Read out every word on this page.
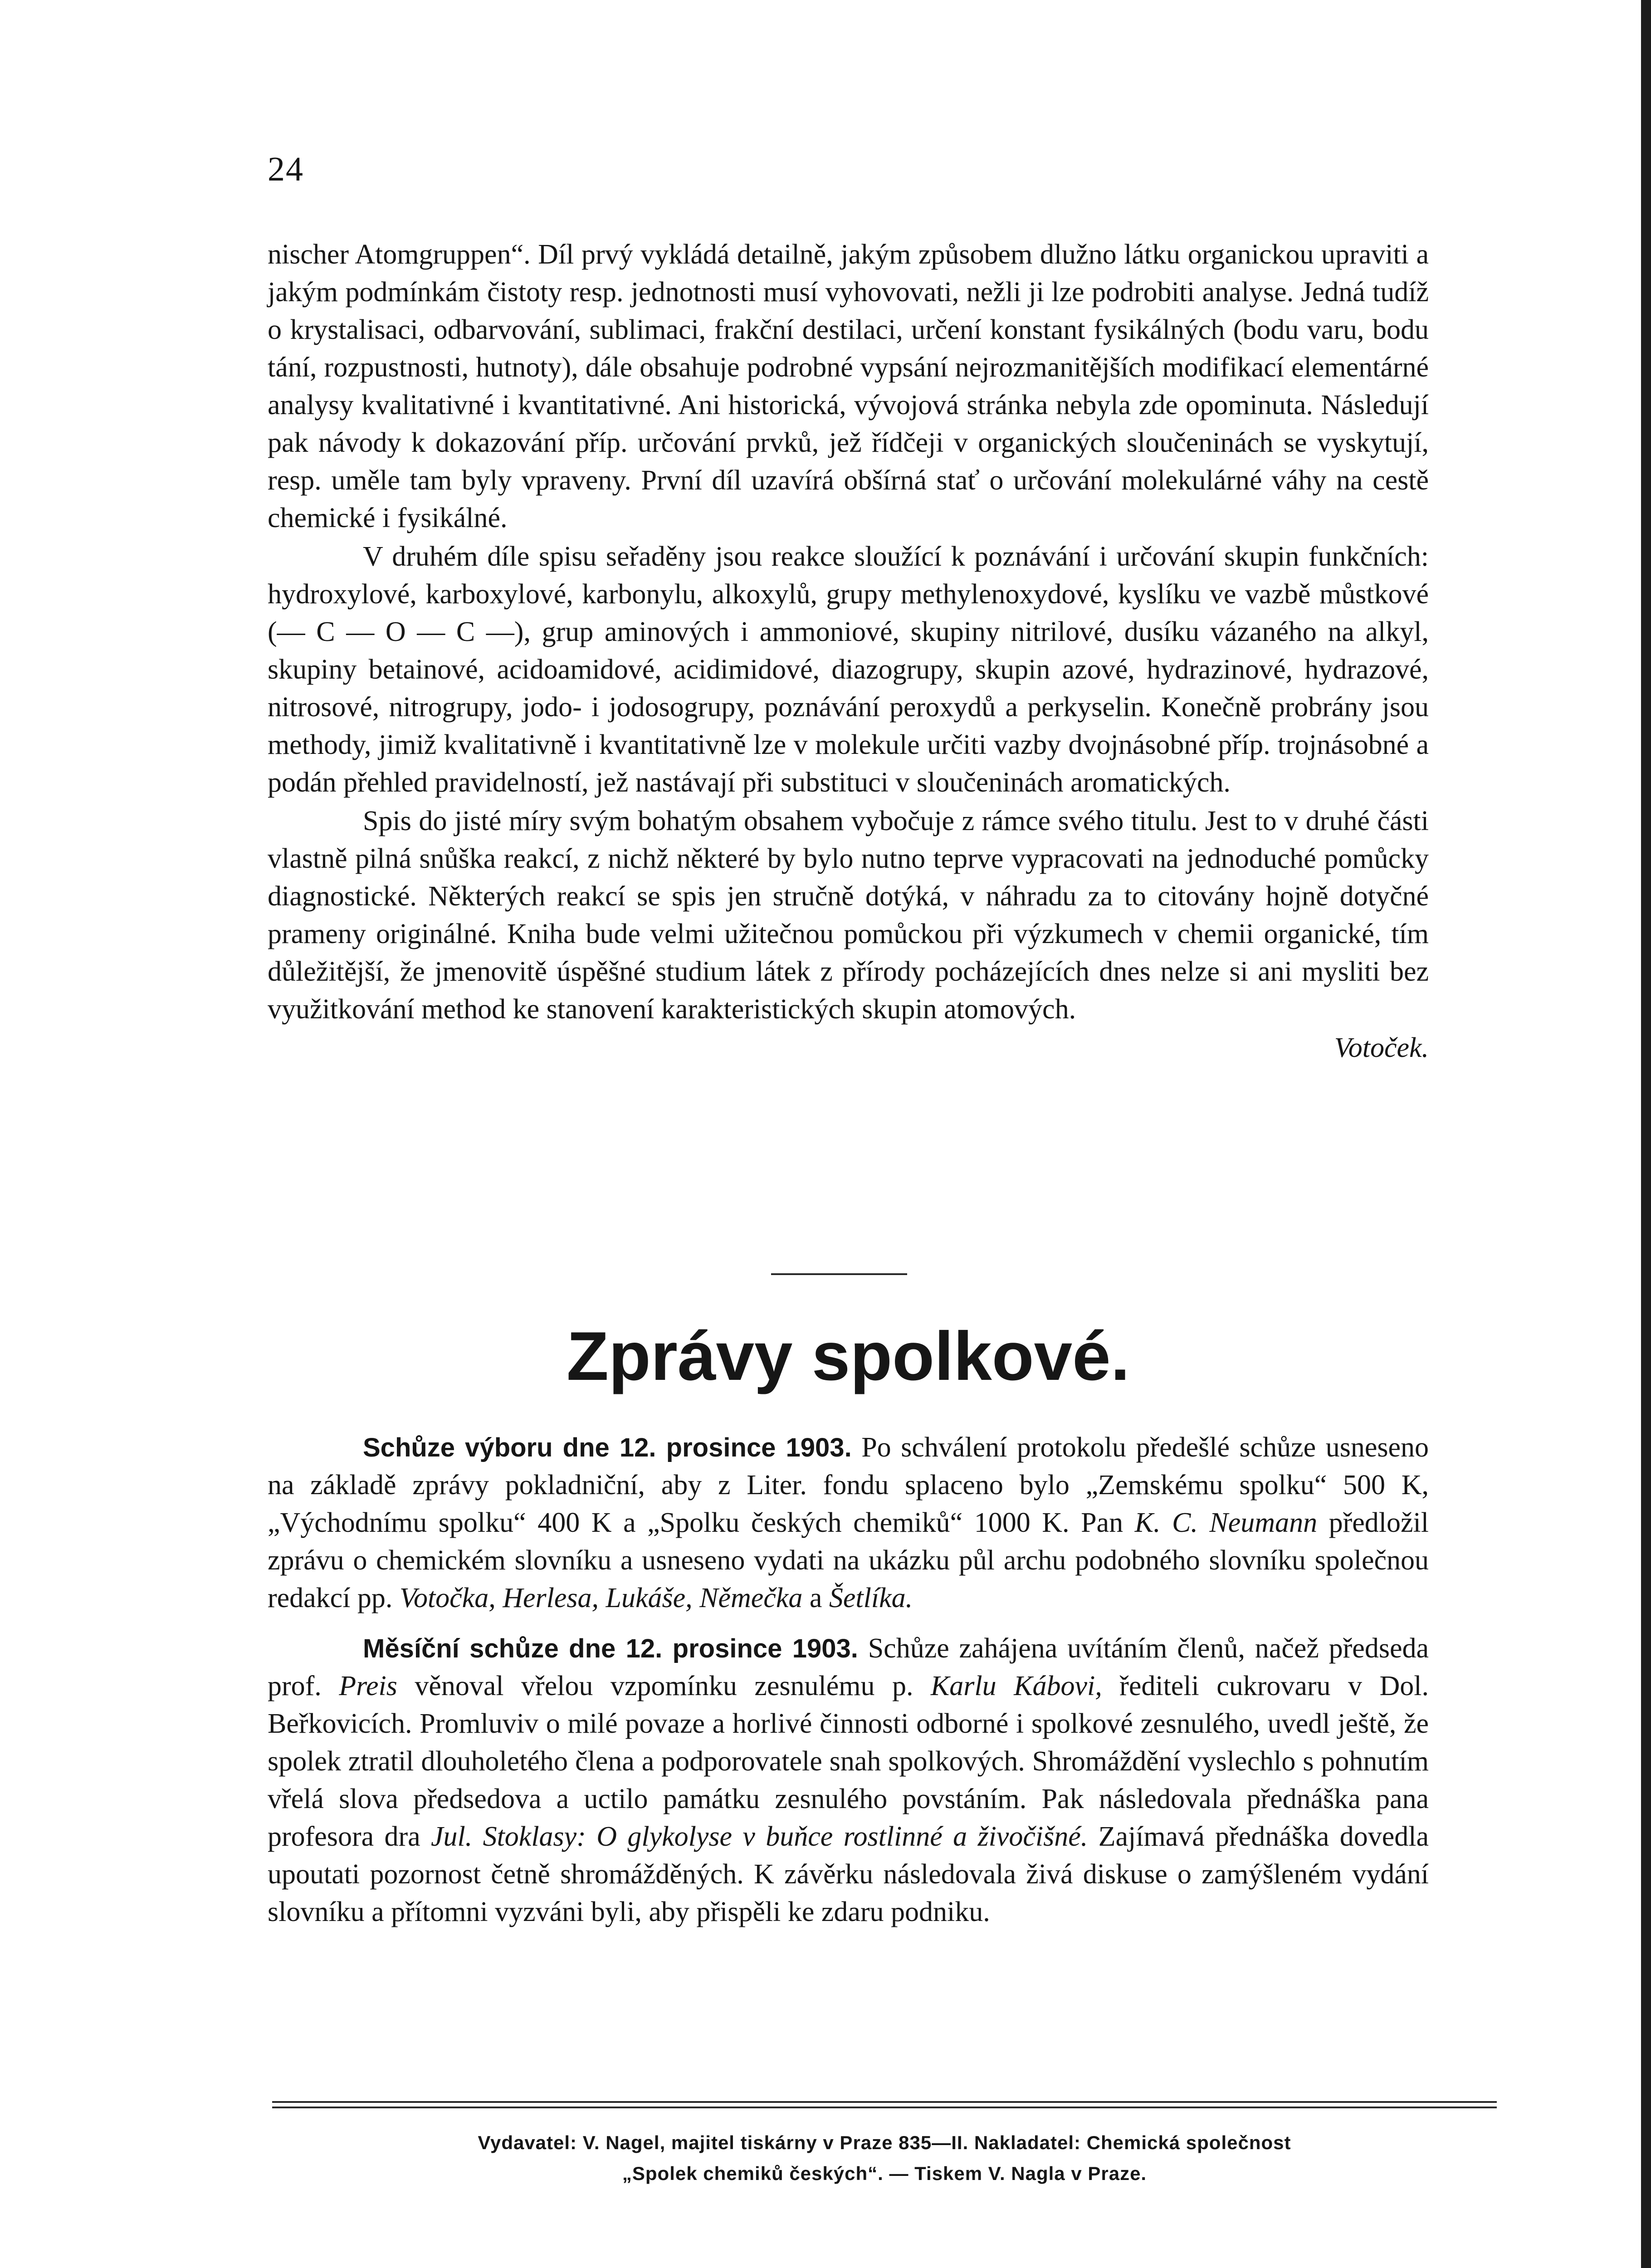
24

nischer Atomgruppen“. Díl prvý vykládá detailně, jakým způsobem dlužno látku organickou upraviti a jakým podmínkám čistoty resp. jednotnosti musí vyhovovati, nežli ji lze podrobiti analyse. Jedná tudíž o krystalisaci, odbarvování, sublimaci, frakční destilaci, určení konstant fysikálných (bodu varu, bodu tání, rozpustnosti, hutnoty), dále obsahuje podrobné vypsání nejrozmanitějších modifikací elementárné analysy kvalitativné i kvantitativné. Ani historická, vývojová stránka nebyla zde opominuta. Následují pak návody k dokazování příp. určování prvků, jež řídčeji v organických sloučeninách se vyskytují, resp. uměle tam byly vpraveny. První díl uzavírá obšírná stať o určování molekulárné váhy na cestě chemické i fysikálné.

V druhém díle spisu seřaděny jsou reakce sloužící k poznávání i určování skupin funkčních: hydroxylové, karboxylové, karbonylu, alkoxylů, grupy methylenoxydové, kyslíku ve vazbě můstkové (— C — O — C —), grup aminových i ammoniové, skupiny nitrilové, dusíku vázaného na alkyl, skupiny betainové, acidoamidové, acidimidové, diazogrupy, skupin azové, hydrazinové, hydrazové, nitrosové, nitrogrupy, jodo- i jodosogrupy, poznávání peroxydů a perkyselin. Konečně probrány jsou methody, jimiž kvalitativně i kvantitativně lze v molekule určiti vazby dvojnásobné příp. trojnásobné a podán přehled pravidelností, jež nastávají při substituci v sloučeninách aromatických.

Spis do jisté míry svým bohatým obsahem vybočuje z rámce svého titulu. Jest to v druhé části vlastně pilná snůška reakcí, z nichž některé by bylo nutno teprve vypracovati na jednoduché pomůcky diagnostické. Některých reakcí se spis jen stručně dotýká, v náhradu za to citovány hojně dotyčné prameny originálné. Kniha bude velmi užitečnou pomůckou při výzkumech v chemii organické, tím důležitější, že jmenovitě úspěšné studium látek z přírody pocházejících dnes nelze si ani mysliti bez využitkování method ke stanovení karakteristických skupin atomových.

Votoček.
Zprávy spolkové.

Schůze výboru dne 12. prosince 1903. Po schválení protokolu předešlé schůze usneseno na základě zprávy pokladniční, aby z Liter. fondu splaceno bylo „Zemskému spolku“ 500 K, „Východnímu spolku“ 400 K a „Spolku českých chemiků“ 1000 K. Pan K. C. Neumann předložil zprávu o chemickém slovníku a usneseno vydati na ukázku půl archu podobného slovníku společnou redakcí pp. Votočka, Herlesa, Lukáše, Němečka a Šetlíka.

Měsíční schůze dne 12. prosince 1903. Schůze zahájena uvítáním členů, načež předseda prof. Preis věnoval vřelou vzpomínku zesnulému p. Karlu Kábovi, řediteli cukrovaru v Dol. Beřkovicích. Promluviv o milé povaze a horlivé činnosti odborné i spolkové zesnulého, uvedl ještě, že spolek ztratil dlouholetého člena a podporovatele snah spolkových. Shromáždění vyslechlo s pohnutím vřelá slova předsedova a uctilo památku zesnulého povstáním. Pak následovala přednáška pana profesora dra Jul. Stoklasy: O glykolyse v buňce rostlinné a živočišné. Zajímavá přednáška dovedla upoutati pozornost četně shromážděných. K závěrku následovala živá diskuse o zamýšleném vydání slovníku a přítomni vyzváni byli, aby přispěli ke zdaru podniku.

Vydavatel: V. Nagel, majitel tiskárny v Praze 835—II. Nakladatel: Chemická společnost
„Spolek chemiků českých“. — Tiskem V. Nagla v Praze.
